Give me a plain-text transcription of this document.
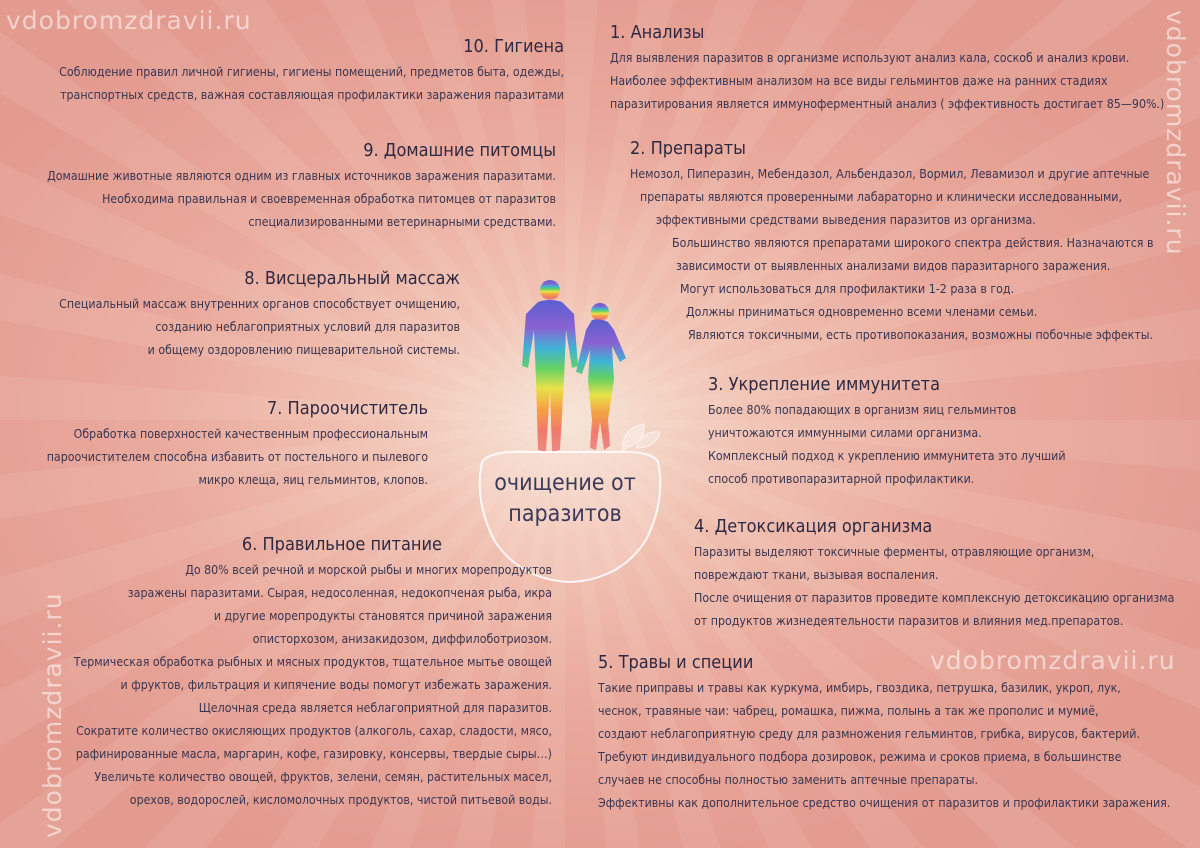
vdobromzdravii.ru	vdobromzdravii.ru
vdobromzdravii.ru	vdobromzdravii.ru
очищение от
паразитов
10. Гигиена

Соблюдение правил личной гигиены, гигиены помещений, предметов быта, одежды,

транспортных средств, важная составляющая профилактики заражения паразитами

9. Домашние питомцы

Домашние животные являются одним из главных источников заражения паразитами.

Необходима правильная и своевременная обработка питомцев от паразитов

специализированными ветеринарными средствами.

8. Висцеральный массаж

Специальный массаж внутренних органов способствует очищению,

созданию неблагоприятных условий для паразитов

и общему оздоровлению пищеварительной системы.

7. Пароочиститель

Обработка поверхностей качественным профессиональным

пароочистителем способна избавить от постельного и пылевого

микро клеща, яиц гельминтов, клопов.

6. Правильное питание

До 80% всей речной и морской рыбы и многих морепродуктов

заражены паразитами. Сырая, недосоленная, недокопченая рыба, икра

и другие морепродукты становятся причиной заражения

описторхозом, анизакидозом, диффилоботриозом.

Термическая обработка рыбных и мясных продуктов, тщательное мытье овощей

и фруктов, фильтрация и кипячение воды помогут избежать заражения.

Щелочная среда является неблагоприятной для паразитов.

Сократите количество окисляющих продуктов (алкоголь, сахар, сладости, мясо,

рафинированные масла, маргарин, кофе, газировку, консервы, твердые сыры…)

Увеличьте количество овощей, фруктов, зелени, семян, растительных масел,

орехов, водорослей, кисломолочных продуктов, чистой питьевой воды.

1. Анализы

Для выявления паразитов в организме используют анализ кала, соскоб и анализ крови.

Наиболее эффективным анализом на все виды гельминтов даже на ранних стадиях

паразитирования является иммуноферментный анализ ( эффективность достигает 85—90%.)

2. Препараты

Немозол, Пиперазин, Мебендазол, Альбендазол, Вормил, Левамизол и другие аптечные

препараты являются проверенными лабараторно и клинически исследованными,

эффективными средствами выведения паразитов из организма.

Большинство являются препаратами широкого спектра действия. Назначаются в

зависимости от выявленных анализами видов паразитарного заражения.

Могут использоваться для профилактики 1-2 раза в год.

Должны приниматься одновременно всеми членами семьи.

Являются токсичными, есть противопоказания, возможны побочные эффекты.

3. Укрепление иммунитета

Более 80% попадающих в организм яиц гельминтов

уничтожаются иммунными силами организма.

Комплексный подход к укреплению иммунитета это лучший

способ противопаразитарной профилактики.

4. Детоксикация организма

Паразиты выделяют токсичные ферменты, отравляющие организм,

повреждают ткани, вызывая воспаления.

После очищения от паразитов проведите комплексную детоксикацию организма

от продуктов жизнедеятельности паразитов и влияния мед.препаратов.

5. Травы и специи

Такие приправы и травы как куркума, имбирь, гвоздика, петрушка, базилик, укроп, лук,

чеснок, травяные чаи: чабрец, ромашка, пижма, полынь а так же прополис и мумиё,

создают неблагоприятную среду для размножения гельминтов, грибка, вирусов, бактерий.

Требуют индивидуального подбора дозировок, режима и сроков приема, в большинстве

случаев не способны полностью заменить аптечные препараты.

Эффективны как дополнительное средство очищения от паразитов и профилактики заражения.
